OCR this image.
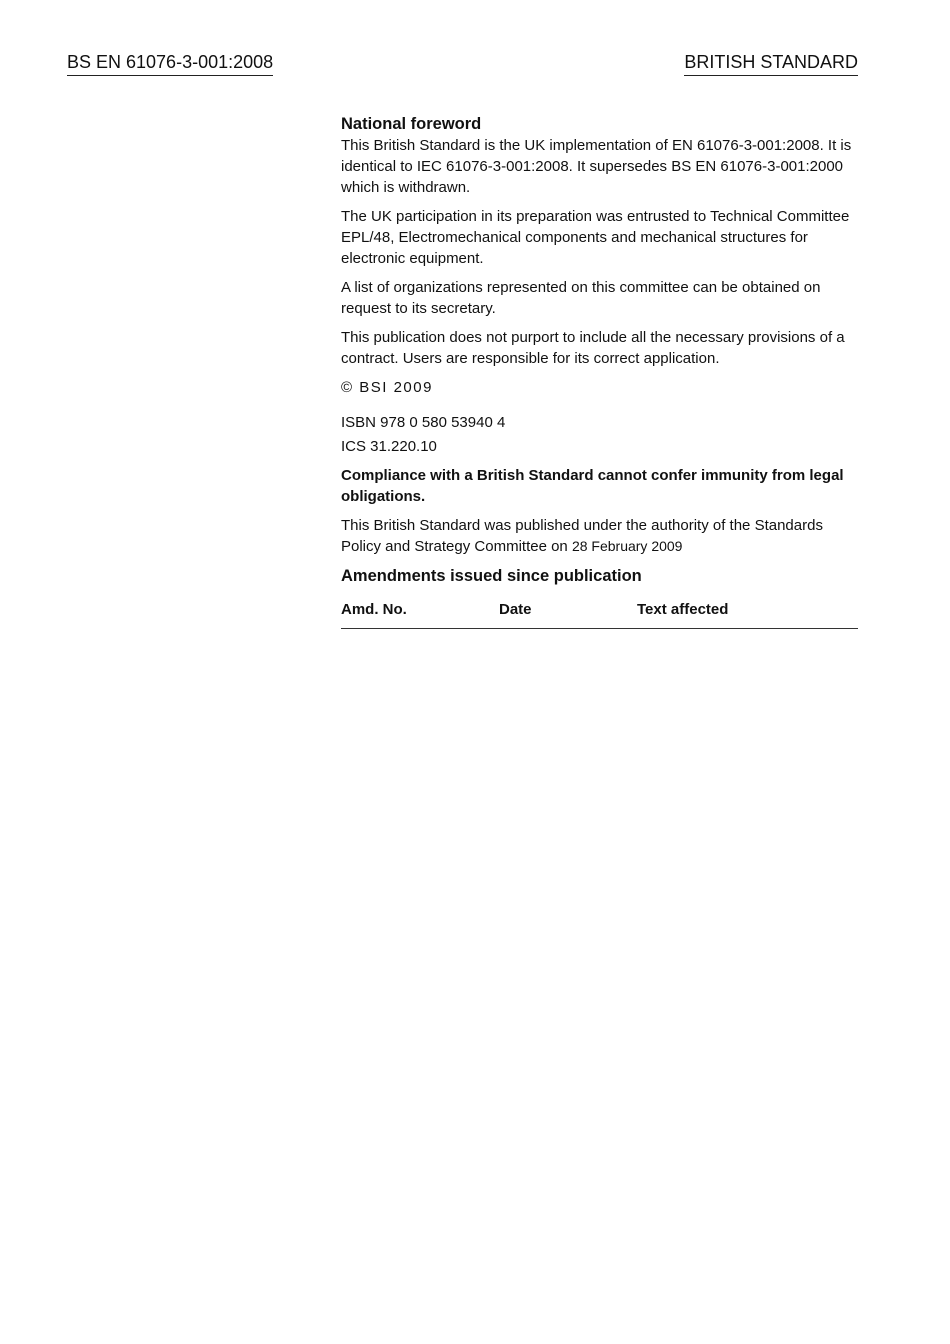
BS EN 61076-3-001:2008	BRITISH STANDARD

National foreword

This British Standard is the UK implementation of EN 61076-3-001:2008. It is identical to IEC 61076-3-001:2008. It supersedes BS EN 61076-3-001:2000 which is withdrawn.

The UK participation in its preparation was entrusted to Technical Committee EPL/48, Electromechanical components and mechanical structures for electronic equipment.

A list of organizations represented on this committee can be obtained on request to its secretary.

This publication does not purport to include all the necessary provisions of a contract. Users are responsible for its correct application.

© BSI 2009

ISBN 978 0 580 53940 4

ICS 31.220.10

Compliance with a British Standard cannot confer immunity from legal obligations.

This British Standard was published under the authority of the Standards Policy and Strategy Committee on 28 February 2009

Amendments issued since publication

Amd. No.	Date	Text affected
